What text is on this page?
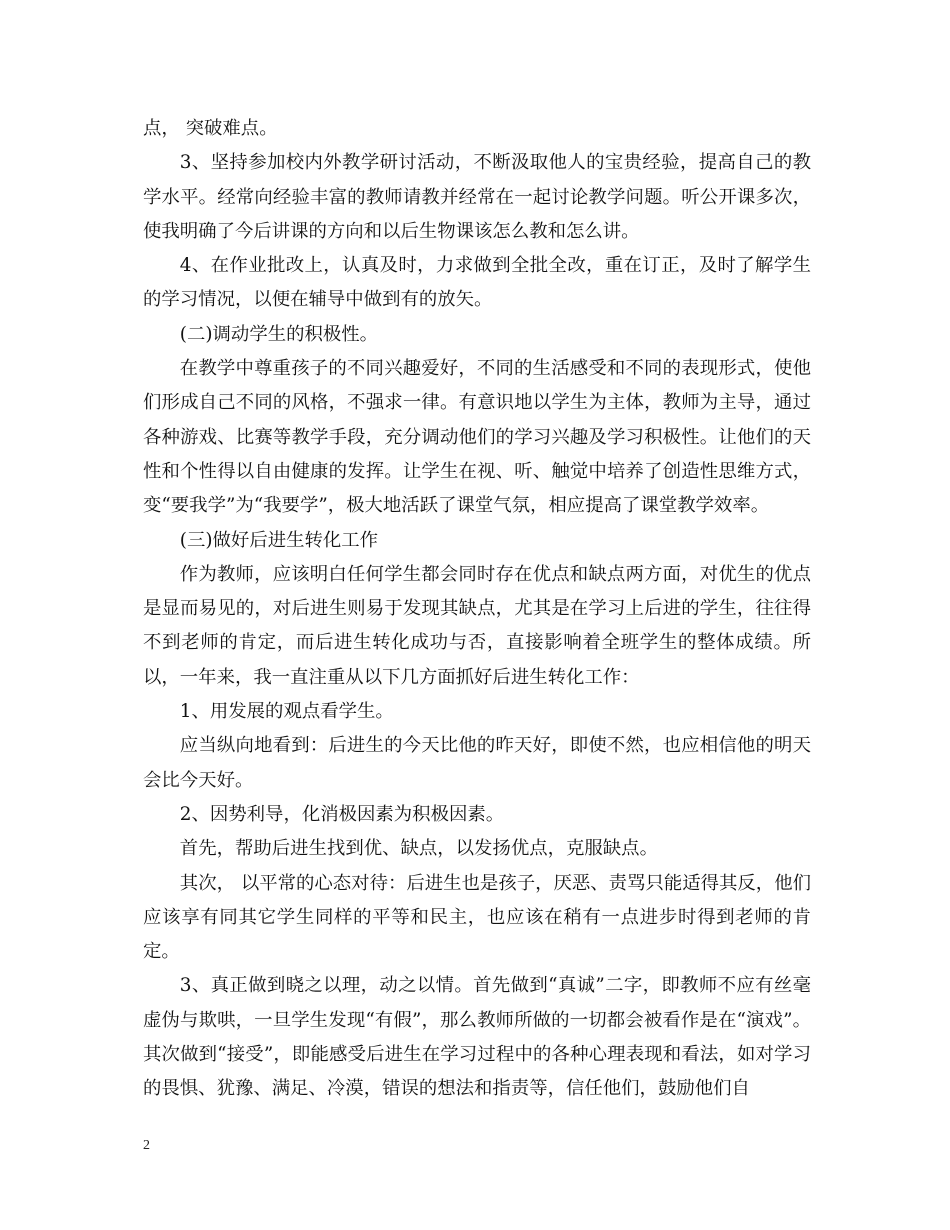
点， 突破难点。

3、坚持参加校内外教学研讨活动，不断汲取他人的宝贵经验，提高自己的教学水平。经常向经验丰富的教师请教并经常在一起讨论教学问题。听公开课多次，使我明确了今后讲课的方向和以后生物课该怎么教和怎么讲。

4、在作业批改上，认真及时，力求做到全批全改，重在订正，及时了解学生的学习情况，以便在辅导中做到有的放矢。

(二)调动学生的积极性。

在教学中尊重孩子的不同兴趣爱好，不同的生活感受和不同的表现形式，使他们形成自己不同的风格，不强求一律。有意识地以学生为主体，教师为主导，通过各种游戏、比赛等教学手段，充分调动他们的学习兴趣及学习积极性。让他们的天性和个性得以自由健康的发挥。让学生在视、听、触觉中培养了创造性思维方式，变“要我学”为“我要学”，极大地活跃了课堂气氛，相应提高了课堂教学效率。

(三)做好后进生转化工作

作为教师，应该明白任何学生都会同时存在优点和缺点两方面，对优生的优点是显而易见的，对后进生则易于发现其缺点，尤其是在学习上后进的学生，往往得不到老师的肯定，而后进生转化成功与否，直接影响着全班学生的整体成绩。所以，一年来，我一直注重从以下几方面抓好后进生转化工作：

1、用发展的观点看学生。

应当纵向地看到：后进生的今天比他的昨天好，即使不然，也应相信他的明天会比今天好。

2、因势利导，化消极因素为积极因素。

首先，帮助后进生找到优、缺点，以发扬优点，克服缺点。

其次， 以平常的心态对待：后进生也是孩子，厌恶、责骂只能适得其反，他们应该享有同其它学生同样的平等和民主，也应该在稍有一点进步时得到老师的肯定。

3、真正做到晓之以理，动之以情。首先做到“真诚”二字，即教师不应有丝毫虚伪与欺哄，一旦学生发现“有假”，那么教师所做的一切都会被看作是在“演戏”。其次做到“接受”，即能感受后进生在学习过程中的各种心理表现和看法，如对学习的畏惧、犹豫、满足、冷漠，错误的想法和指责等，信任他们，鼓励他们自

2
